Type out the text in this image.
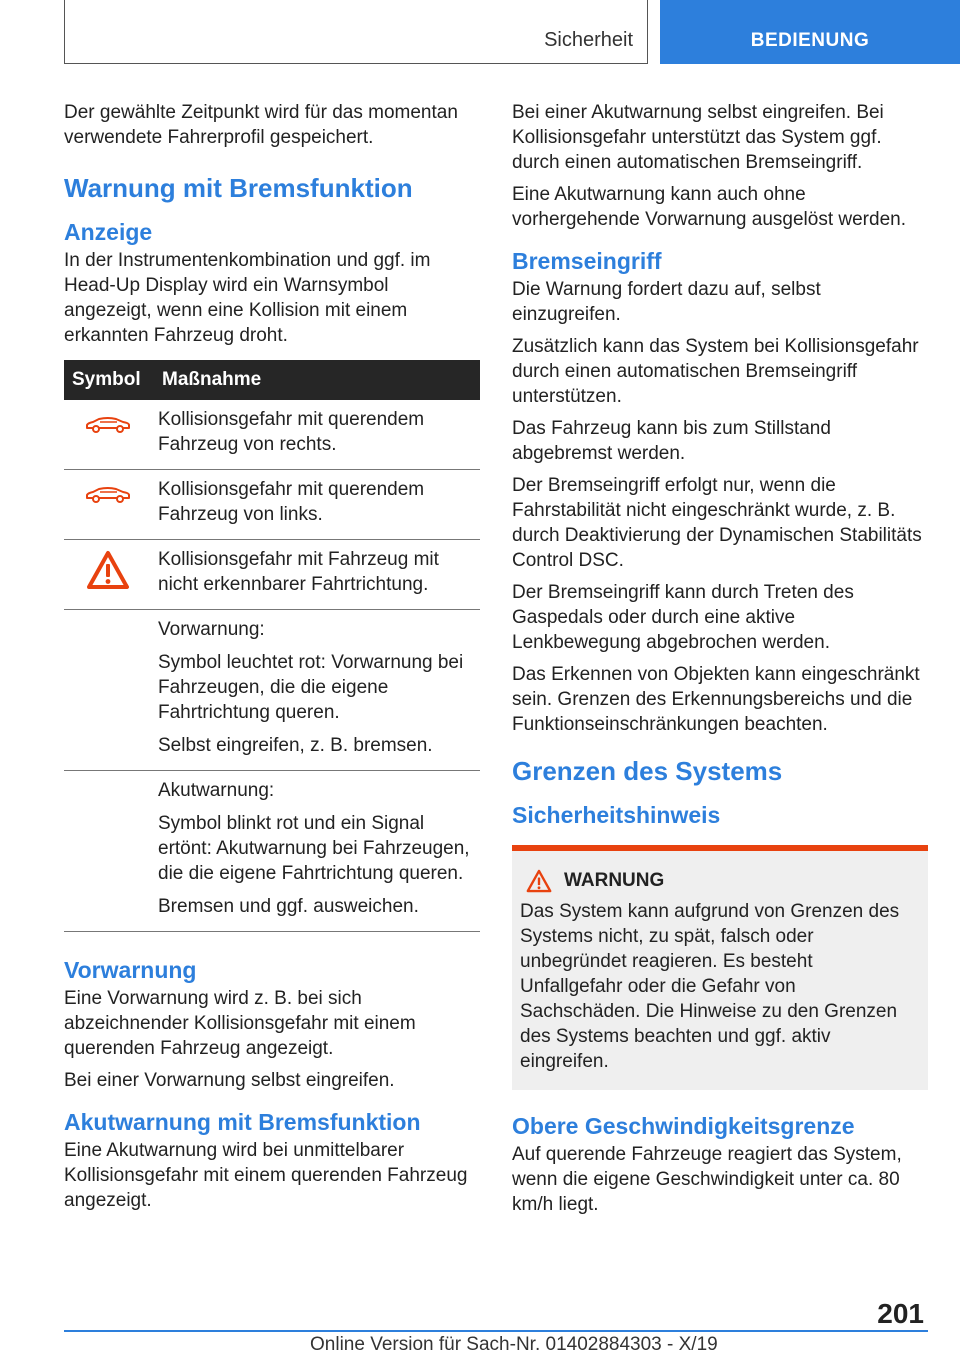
Sicherheit	BEDIENUNG

Der gewählte Zeitpunkt wird für das momentan verwendete Fahrerprofil gespeichert.

Warnung mit Bremsfunktion
Anzeige

In der Instrumentenkombination und ggf. im Head-Up Display wird ein Warnsymbol angezeigt, wenn eine Kollision mit einem erkannten Fahrzeug droht.

Symbol	Maßnahme

Kollisionsgefahr mit querendem Fahrzeug von rechts.

Kollisionsgefahr mit querendem Fahrzeug von links.

Kollisionsgefahr mit Fahrzeug mit nicht erkennbarer Fahrtrichtung.

	Vorwarnung:

Symbol leuchtet rot: Vorwarnung bei Fahrzeugen, die die eigene Fahrtrichtung queren.

Selbst eingreifen, z. B. bremsen.

	Akutwarnung:

Symbol blinkt rot und ein Signal ertönt: Akutwarnung bei Fahrzeugen, die die eigene Fahrtrichtung queren.

Bremsen und ggf. ausweichen.

Vorwarnung

Eine Vorwarnung wird z. B. bei sich abzeichnender Kollisionsgefahr mit einem querenden Fahrzeug angezeigt.

Bei einer Vorwarnung selbst eingreifen.

Akutwarnung mit Bremsfunktion

Eine Akutwarnung wird bei unmittelbarer Kollisionsgefahr mit einem querenden Fahrzeug angezeigt.

Bei einer Akutwarnung selbst eingreifen. Bei Kollisionsgefahr unterstützt das System ggf. durch einen automatischen Bremseingriff.

Eine Akutwarnung kann auch ohne vorhergehende Vorwarnung ausgelöst werden.

Bremseingriff

Die Warnung fordert dazu auf, selbst einzugreifen.

Zusätzlich kann das System bei Kollisionsgefahr durch einen automatischen Bremseingriff unterstützen.

Das Fahrzeug kann bis zum Stillstand abgebremst werden.

Der Bremseingriff erfolgt nur, wenn die Fahrstabilität nicht eingeschränkt wurde, z. B. durch Deaktivierung der Dynamischen Stabilitäts Control DSC.

Der Bremseingriff kann durch Treten des Gaspedals oder durch eine aktive Lenkbewegung abgebrochen werden.

Das Erkennen von Objekten kann eingeschränkt sein. Grenzen des Erkennungsbereichs und die Funktionseinschränkungen beachten.

Grenzen des Systems
Sicherheitshinweis
WARNUNG

Das System kann aufgrund von Grenzen des Systems nicht, zu spät, falsch oder unbegründet reagieren. Es besteht Unfallgefahr oder die Gefahr von Sachschäden. Die Hinweise zu den Grenzen des Systems beachten und ggf. aktiv eingreifen.

Obere Geschwindigkeitsgrenze

Auf querende Fahrzeuge reagiert das System, wenn die eigene Geschwindigkeit unter ca. 80 km/h liegt.

201
Online Version für Sach-Nr. 01402884303 - X/19
